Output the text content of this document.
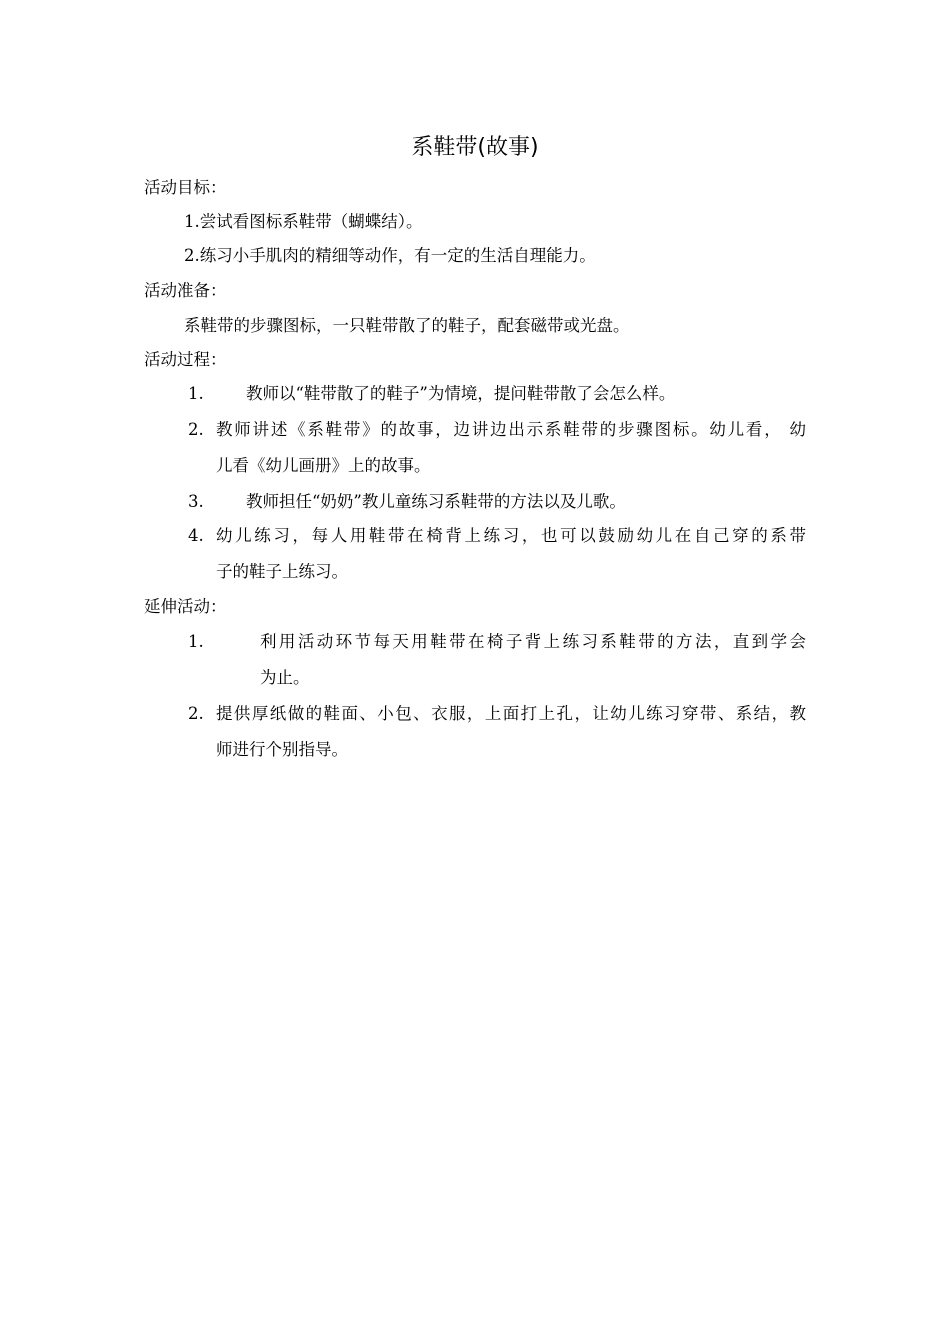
系鞋带(故事)
活动目标：
1.尝试看图标系鞋带（蝴蝶结）。
2.练习小手肌肉的精细等动作，有一定的生活自理能力。
活动准备：
系鞋带的步骤图标，一只鞋带散了的鞋子，配套磁带或光盘。
活动过程：
1.	教师以“鞋带散了的鞋子”为情境，提问鞋带散了会怎么样。
2. 教师讲述《系鞋带》的故事，边讲边出示系鞋带的步骤图标。幼儿看， 幼
儿看《幼儿画册》上的故事。
3.	教师担任“奶奶”教儿童练习系鞋带的方法以及儿歌。
4. 幼儿练习，每人用鞋带在椅背上练习，也可以鼓励幼儿在自己穿的系带
子的鞋子上练习。
延伸活动：
1.	利用活动环节每天用鞋带在椅子背上练习系鞋带的方法，直到学会
为止。
2. 提供厚纸做的鞋面、小包、衣服，上面打上孔，让幼儿练习穿带、系结，教
师进行个别指导。
